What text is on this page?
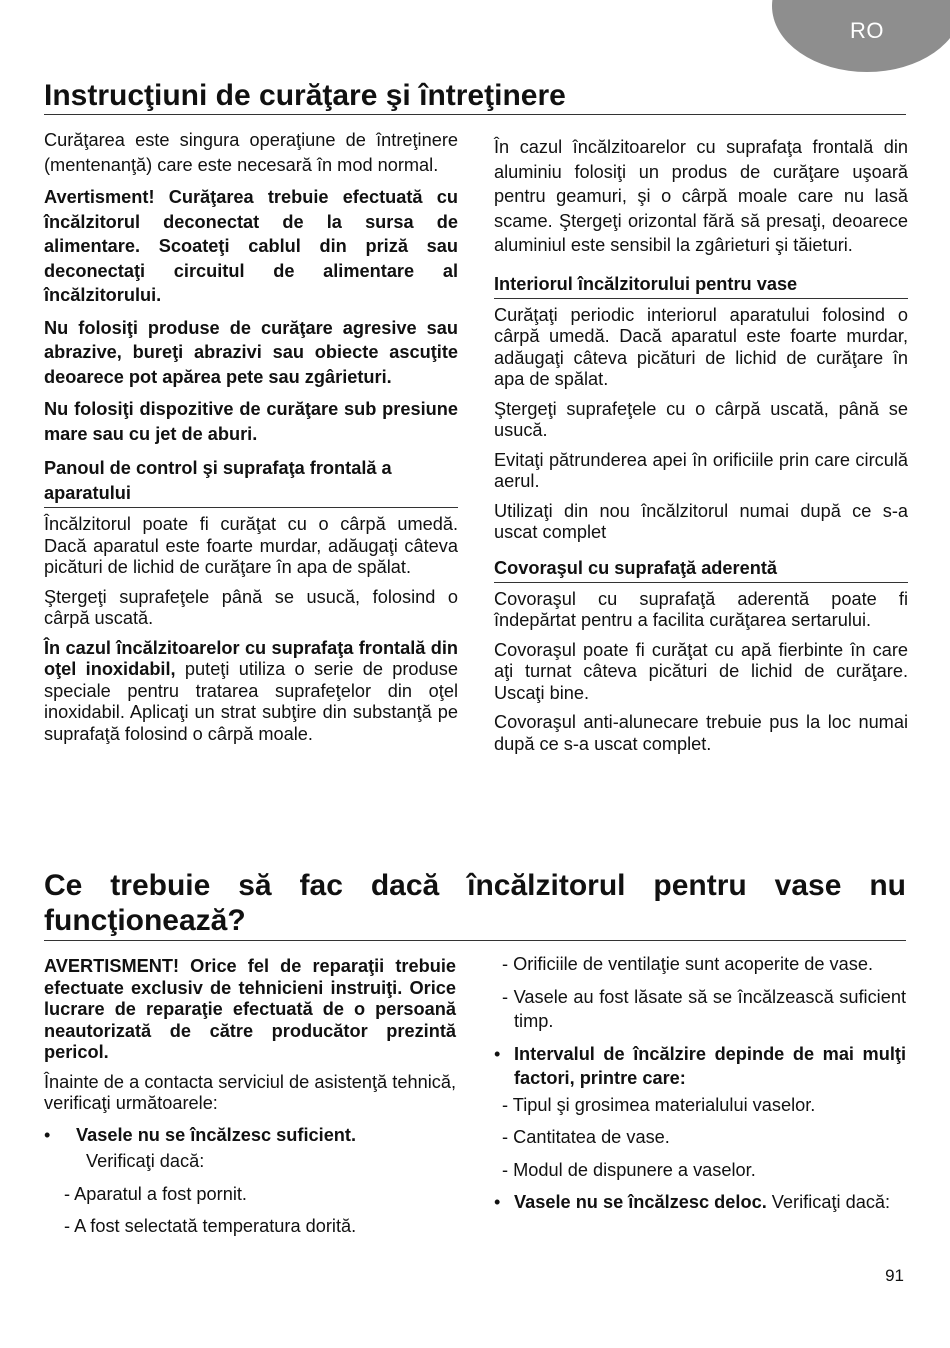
RO
Instrucţiuni de curăţare şi întreţinere

Curăţarea este singura operaţiune de întreţinere (mentenanţă) care este necesară în mod normal.

Avertisment! Curăţarea trebuie efectuată cu încălzitorul deconectat de la sursa de alimentare. Scoateţi cablul din priză sau deconectaţi circuitul de alimentare al încălzitorului.

Nu folosiţi produse de curăţare agresive sau abrazive, bureţi abrazivi sau obiecte ascuţite deoarece pot apărea pete sau zgârieturi.

Nu folosiţi dispozitive de curăţare sub presiune mare sau cu jet de aburi.

Panoul de control şi suprafaţa frontală a aparatului

Încălzitorul poate fi curăţat cu o cârpă umedă. Dacă aparatul este foarte murdar, adăugaţi câteva picături de lichid de curăţare în apa de spălat.

Ştergeţi suprafeţele până se usucă, folosind o cârpă uscată.

În cazul încălzitoarelor cu suprafaţa frontală din oţel inoxidabil, puteţi utiliza o serie de produse speciale pentru tratarea suprafeţelor din oţel inoxidabil. Aplicaţi un strat subţire din substanţă pe suprafaţă folosind o cârpă moale.

În cazul încălzitoarelor cu suprafaţa frontală din aluminiu folosiţi un produs de curăţare uşoară pentru geamuri, şi o cârpă moale care nu lasă scame. Ştergeţi orizontal fără să presaţi, deoarece aluminiul este sensibil la zgârieturi şi tăieturi.

Interiorul încălzitorului pentru vase

Curăţaţi periodic interiorul aparatului folosind o cârpă umedă. Dacă aparatul este foarte murdar, adăugaţi câteva picături de lichid de curăţare în apa de spălat.

Ştergeţi suprafeţele cu o cârpă uscată, până se usucă.

Evitaţi pătrunderea apei în orificiile prin care circulă aerul.

Utilizaţi din nou încălzitorul numai după ce s-a uscat complet

Covoraşul cu suprafaţă aderentă

Covoraşul cu suprafaţă aderentă poate fi îndepărtat pentru a facilita curăţarea sertarului.

Covoraşul poate fi curăţat cu apă fierbinte în care aţi turnat câteva picături de lichid de curăţare. Uscaţi bine.

Covoraşul anti-alunecare trebuie pus la loc numai după ce s-a uscat complet.

Ce trebuie să fac dacă încălzitorul pentru vase nu funcţionează?

AVERTISMENT! Orice fel de reparaţii trebuie efectuate exclusiv de tehnicieni instruiţi. Orice lucrare de reparaţie efectuată de o persoană neautorizată de către producător prezintă pericol.

Înainte de a contacta serviciul de asistenţă tehnică, verificaţi următoarele:

• Vasele nu se încălzesc suficient.

Verificaţi dacă:

- Aparatul a fost pornit.

- A fost selectată temperatura dorită.

- Orificiile de ventilaţie sunt acoperite de vase.

- Vasele au fost lăsate să se încălzească suficient timp.

• Intervalul de încălzire depinde de mai mulţi factori, printre care:

- Tipul şi grosimea materialului vaselor.

- Cantitatea de vase.

- Modul de dispunere a vaselor.

• Vasele nu se încălzesc deloc. Verificaţi dacă:
91
